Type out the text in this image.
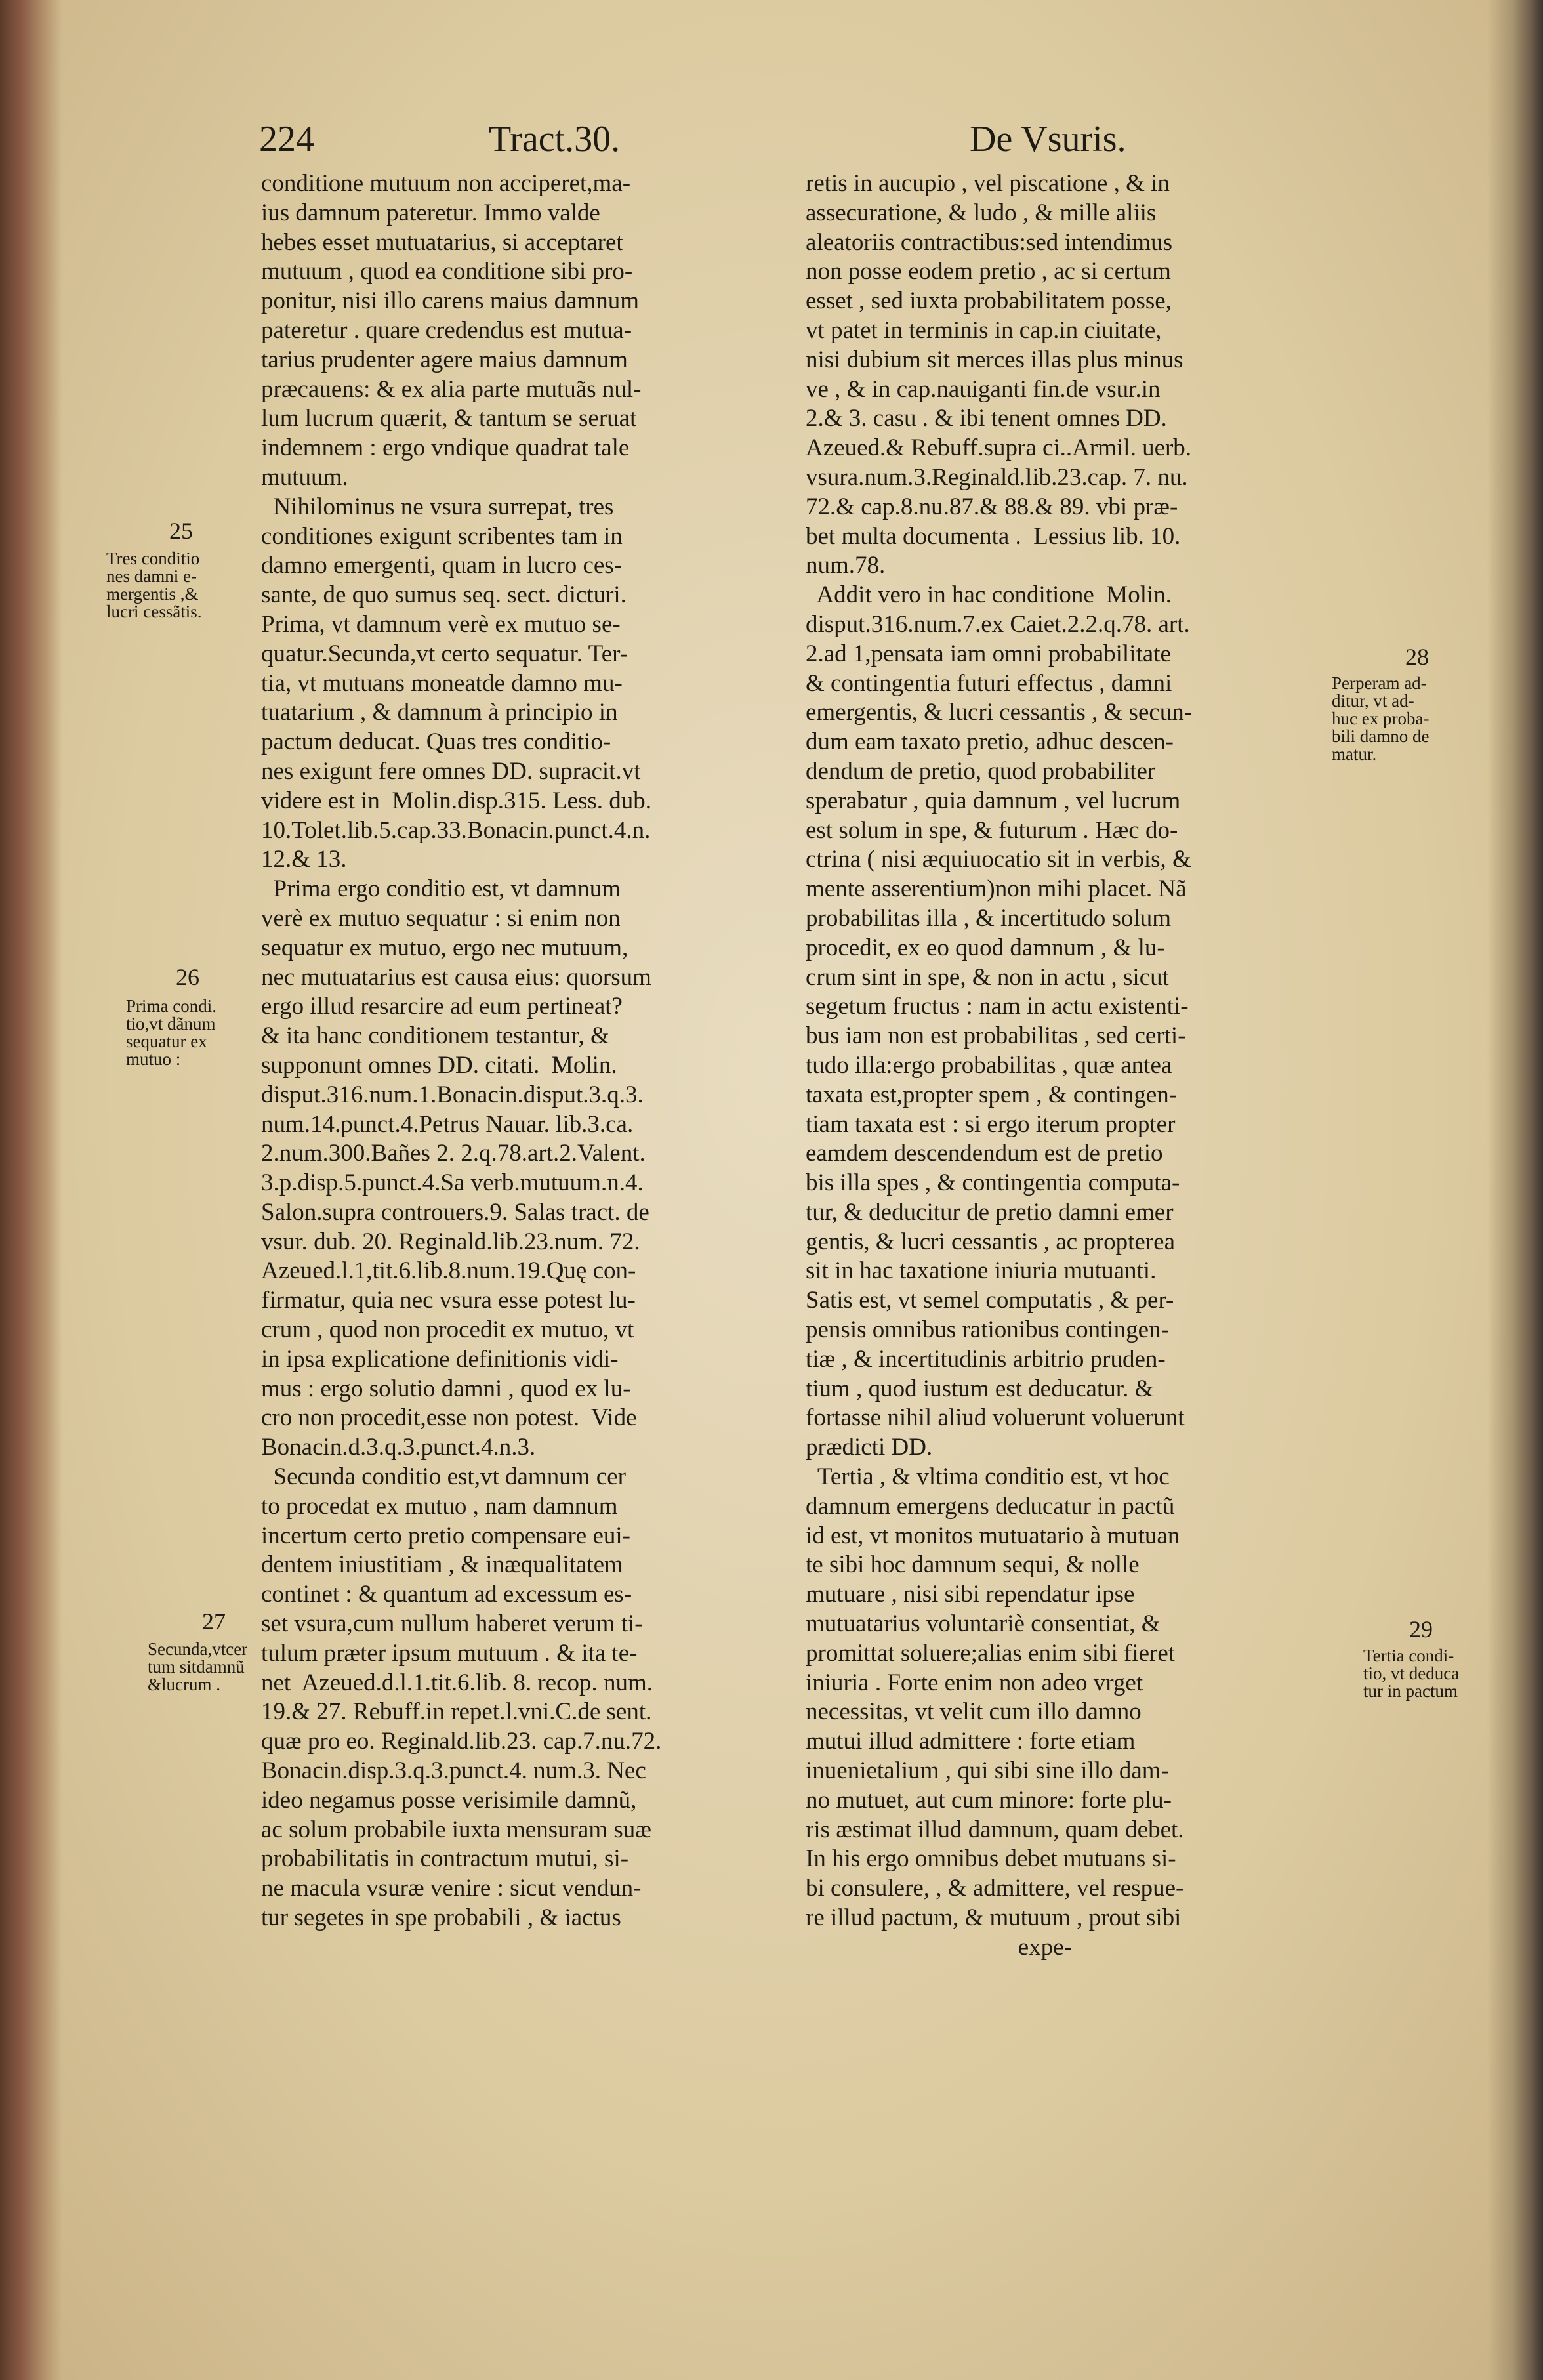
224	Tract.30.	De Vsuris.
conditione mutuum non acciperet,ma-
ius damnum pateretur. Immo valde
hebes esset mutuatarius, si acceptaret
mutuum , quod ea conditione sibi pro-
ponitur, nisi illo carens maius damnum
pateretur . quare credendus est mutua-
tarius prudenter agere maius damnum
præcauens: & ex alia parte mutuãs nul-
lum lucrum quærit, & tantum se seruat
indemnem : ergo vndique quadrat tale
mutuum.
Nihilominus ne vsura surrepat, tres
conditiones exigunt scribentes tam in
damno emergenti, quam in lucro ces-
sante, de quo sumus seq. sect. dicturi.
Prima, vt damnum verè ex mutuo se-
quatur.Secunda,vt certo sequatur. Ter-
tia, vt mutuans moneatde damno mu-
tuatarium , & damnum à principio in
pactum deducat. Quas tres conditio-
nes exigunt fere omnes DD. supracit.vt
videre est in  Molin.disp.315. Less. dub.
10.Tolet.lib.5.cap.33.Bonacin.punct.4.n.
12.& 13.
Prima ergo conditio est, vt damnum
verè ex mutuo sequatur : si enim non
sequatur ex mutuo, ergo nec mutuum,
nec mutuatarius est causa eius: quorsum
ergo illud resarcire ad eum pertineat?
& ita hanc conditionem testantur, &
supponunt omnes DD. citati.  Molin.
disput.316.num.1.Bonacin.disput.3.q.3.
num.14.punct.4.Petrus Nauar. lib.3.ca.
2.num.300.Bañes 2. 2.q.78.art.2.Valent.
3.p.disp.5.punct.4.Sa verb.mutuum.n.4.
Salon.supra controuers.9. Salas tract. de
vsur. dub. 20. Reginald.lib.23.num. 72.
Azeued.l.1,tit.6.lib.8.num.19.Quę con-
firmatur, quia nec vsura esse potest lu-
crum , quod non procedit ex mutuo, vt
in ipsa explicatione definitionis vidi-
mus : ergo solutio damni , quod ex lu-
cro non procedit,esse non potest.  Vide
Bonacin.d.3.q.3.punct.4.n.3.
Secunda conditio est,vt damnum cer
to procedat ex mutuo , nam damnum
incertum certo pretio compensare eui-
dentem iniustitiam , & inæqualitatem
continet : & quantum ad excessum es-
set vsura,cum nullum haberet verum ti-
tulum præter ipsum mutuum . & ita te-
net  Azeued.d.l.1.tit.6.lib. 8. recop. num.
19.& 27. Rebuff.in repet.l.vni.C.de sent.
quæ pro eo. Reginald.lib.23. cap.7.nu.72.
Bonacin.disp.3.q.3.punct.4. num.3. Nec
ideo negamus posse verisimile damnũ,
ac solum probabile iuxta mensuram suæ
probabilitatis in contractum mutui, si-
ne macula vsuræ venire : sicut vendun-
tur segetes in spe probabili , & iactus
retis in aucupio , vel piscatione , & in
assecuratione, & ludo , & mille aliis
aleatoriis contractibus:sed intendimus
non posse eodem pretio , ac si certum
esset , sed iuxta probabilitatem posse,
vt patet in terminis in cap.in ciuitate,
nisi dubium sit merces illas plus minus
ve , & in cap.nauiganti fin.de vsur.in
2.& 3. casu . & ibi tenent omnes DD.
Azeued.& Rebuff.supra ci..Armil. uerb.
vsura.num.3.Reginald.lib.23.cap. 7. nu.
72.& cap.8.nu.87.& 88.& 89. vbi præ-
bet multa documenta .  Lessius lib. 10.
num.78.
Addit vero in hac conditione  Molin.
disput.316.num.7.ex Caiet.2.2.q.78. art.
2.ad 1,pensata iam omni probabilitate
& contingentia futuri effectus , damni
emergentis, & lucri cessantis , & secun-
dum eam taxato pretio, adhuc descen-
dendum de pretio, quod probabiliter
sperabatur , quia damnum , vel lucrum
est solum in spe, & futurum . Hæc do-
ctrina ( nisi æquiuocatio sit in verbis, &
mente asserentium)non mihi placet. Nã
probabilitas illa , & incertitudo solum
procedit, ex eo quod damnum , & lu-
crum sint in spe, & non in actu , sicut
segetum fructus : nam in actu existenti-
bus iam non est probabilitas , sed certi-
tudo illa:ergo probabilitas , quæ antea
taxata est,propter spem , & contingen-
tiam taxata est : si ergo iterum propter
eamdem descendendum est de pretio
bis illa spes , & contingentia computa-
tur, & deducitur de pretio damni emer
gentis, & lucri cessantis , ac propterea
sit in hac taxatione iniuria mutuanti.
Satis est, vt semel computatis , & per-
pensis omnibus rationibus contingen-
tiæ , & incertitudinis arbitrio pruden-
tium , quod iustum est deducatur. &
fortasse nihil aliud voluerunt voluerunt
prædicti DD.
Tertia , & vltima conditio est, vt hoc
damnum emergens deducatur in pactũ
id est, vt monitos mutuatario à mutuan
te sibi hoc damnum sequi, & nolle
mutuare , nisi sibi rependatur ipse
mutuatarius voluntariè consentiat, &
promittat soluere;alias enim sibi fieret
iniuria . Forte enim non adeo vrget
necessitas, vt velit cum illo damno
mutui illud admittere : forte etiam
inuenietalium , qui sibi sine illo dam-
no mutuet, aut cum minore: forte plu-
ris æstimat illud damnum, quam debet.
In his ergo omnibus debet mutuans si-
bi consulere, , & admittere, vel respue-
re illud pactum, & mutuum , prout sibi
expe-
25
Tres conditio
nes damni e-
mergentis ,&
lucri cessãtis.
26
Prima condi.
tio,vt dãnum
sequatur ex
mutuo :
27
Secunda,vtcer
tum sitdamnũ
&lucrum .
28
Perperam ad-
ditur, vt ad-
huc ex proba-
bili damno de
matur.
29
Tertia condi-
tio, vt deduca
tur in pactum
